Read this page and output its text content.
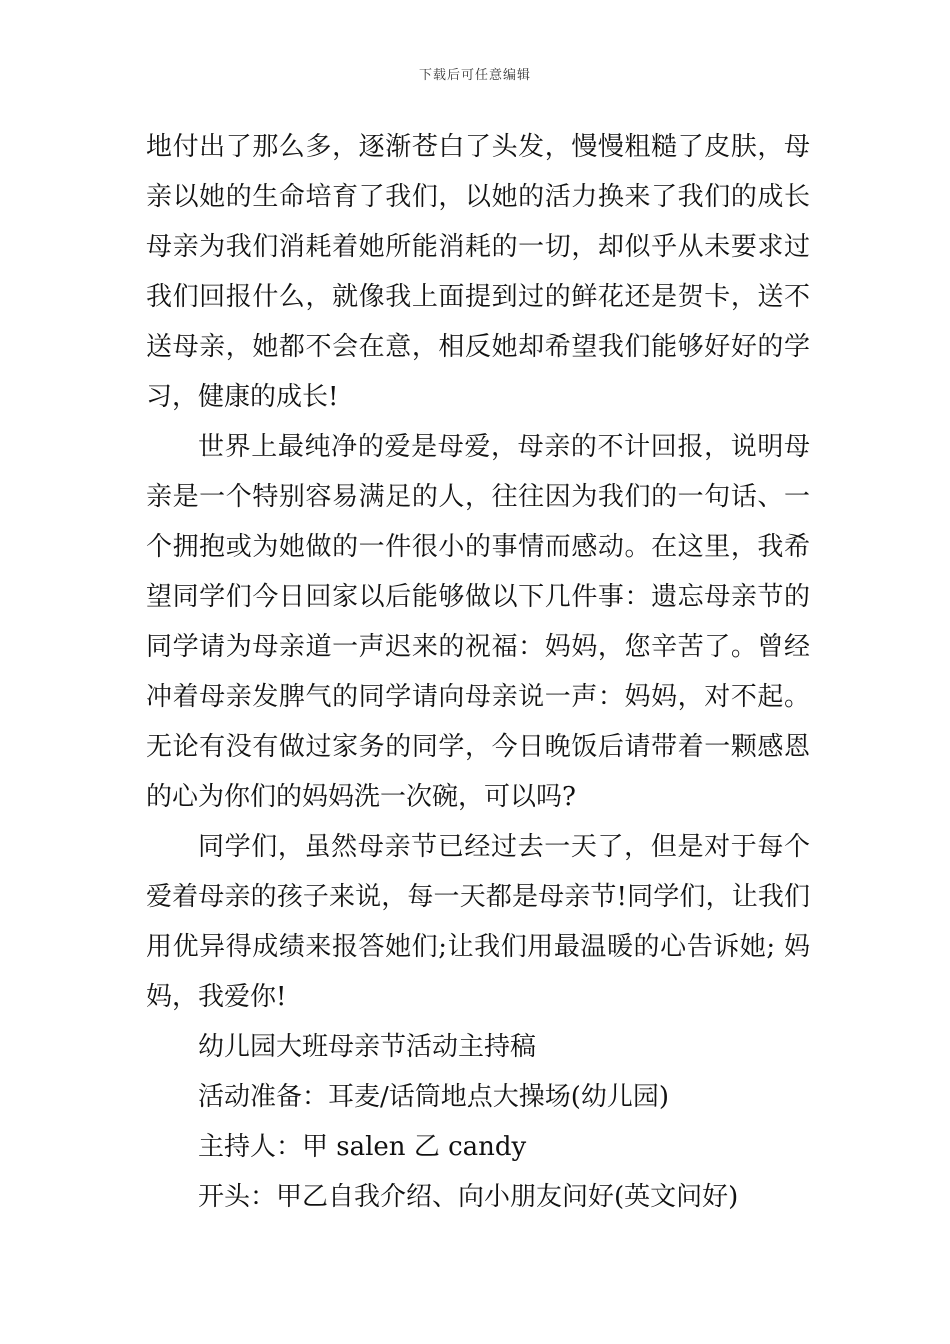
下载后可任意编辑

地付出了那么多，逐渐苍白了头发，慢慢粗糙了皮肤，母亲以她的生命培育了我们，以她的活力换来了我们的成长母亲为我们消耗着她所能消耗的一切，却似乎从未要求过我们回报什么，就像我上面提到过的鲜花还是贺卡，送不送母亲，她都不会在意，相反她却希望我们能够好好的学习，健康的成长!

世界上最纯净的爱是母爱，母亲的不计回报，说明母亲是一个特别容易满足的人，往往因为我们的一句话、一个拥抱或为她做的一件很小的事情而感动。在这里，我希望同学们今日回家以后能够做以下几件事：遗忘母亲节的同学请为母亲道一声迟来的祝福：妈妈，您辛苦了。曾经冲着母亲发脾气的同学请向母亲说一声：妈妈，对不起。无论有没有做过家务的同学，今日晚饭后请带着一颗感恩的心为你们的妈妈洗一次碗，可以吗?

同学们，虽然母亲节已经过去一天了，但是对于每个爱着母亲的孩子来说，每一天都是母亲节!同学们，让我们用优异得成绩来报答她们;让我们用最温暖的心告诉她; 妈妈，我爱你!

幼儿园大班母亲节活动主持稿

活动准备：耳麦/话筒地点大操场(幼儿园)

主持人：甲 salen 乙 candy

开头：甲乙自我介绍、向小朋友问好(英文问好)
